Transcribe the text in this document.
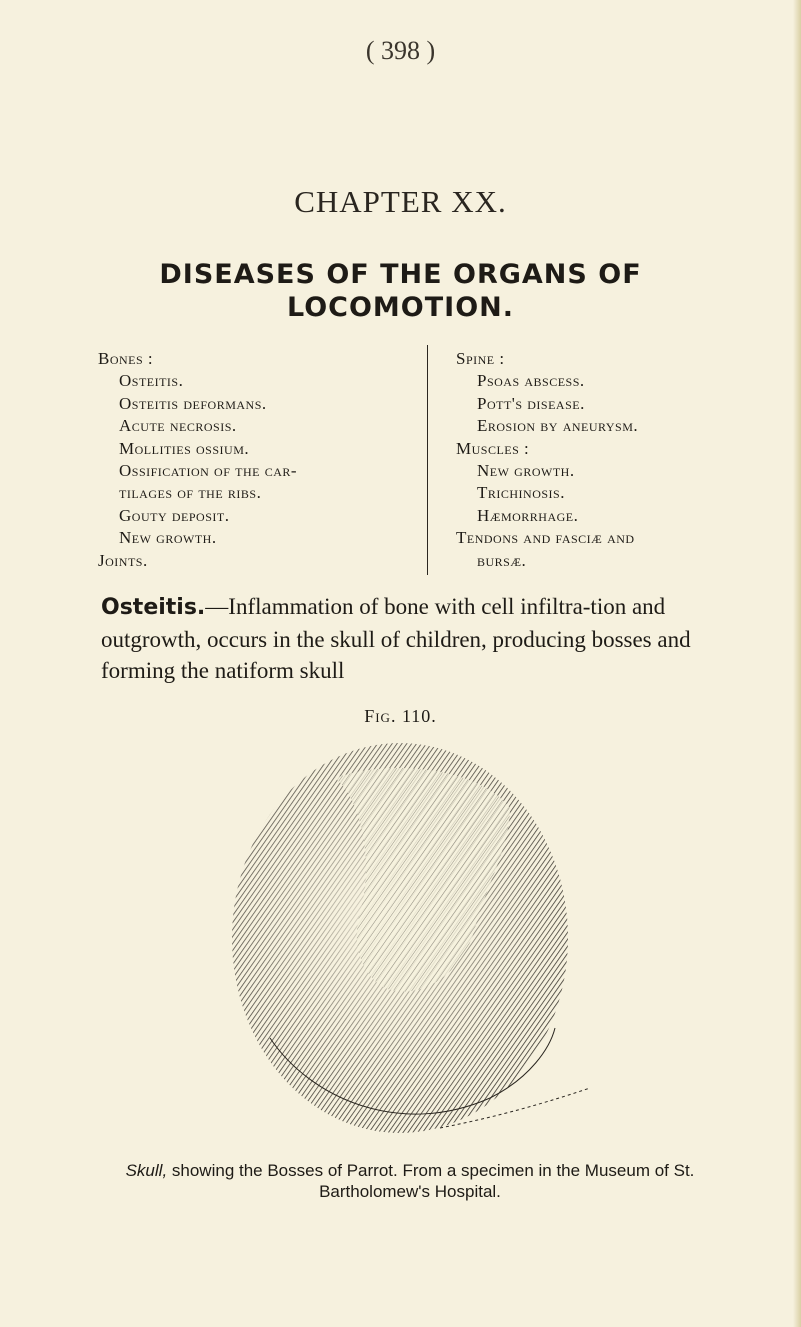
( 398 )
CHAPTER XX.
DISEASES OF THE ORGANS OF
LOCOMOTION.
Bones :
Osteitis.
Osteitis deformans.
Acute necrosis.
Mollities ossium.
Ossification of the car-
tilages of the ribs.
Gouty deposit.
New growth.
Joints.
Spine :
Psoas abscess.
Pott's disease.
Erosion by aneurysm.
Muscles :
New growth.
Trichinosis.
Hæmorrhage.
Tendons and fasciæ and
bursæ.
Osteitis.—Inflammation of bone with cell infiltra-tion and outgrowth, occurs in the skull of children, producing bosses and forming the natiform skull
Fig. 110.
Skull, showing the Bosses of Parrot. From a specimen in the Museum of St. Bartholomew's Hospital.
